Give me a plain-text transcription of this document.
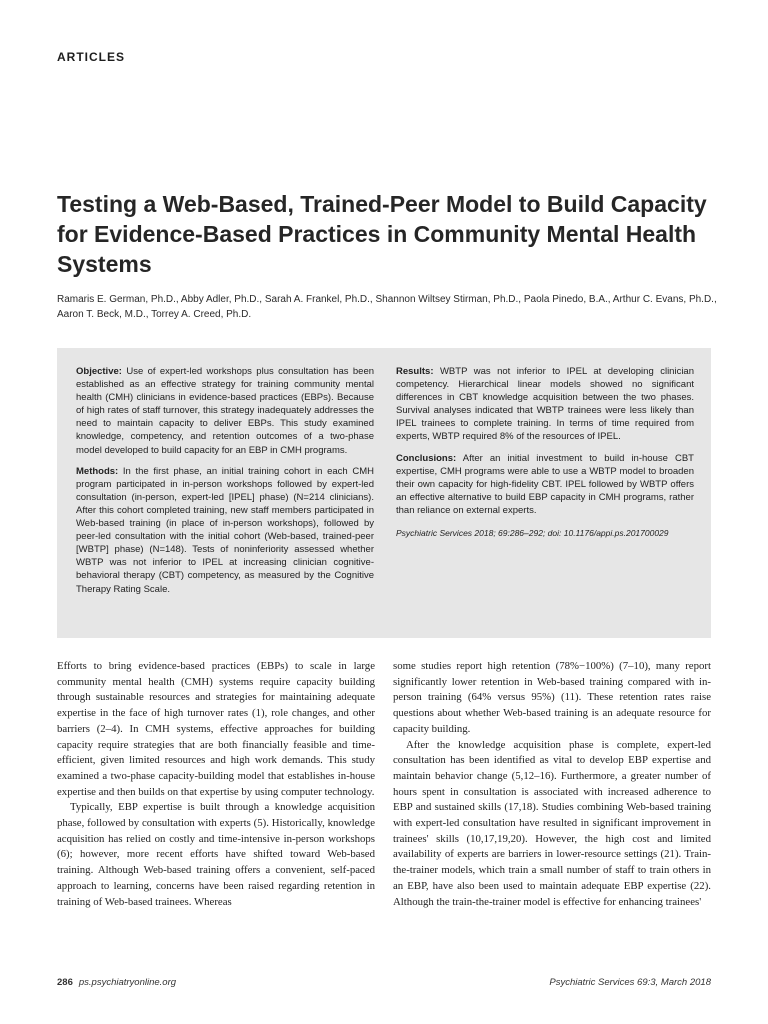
ARTICLES
Testing a Web-Based, Trained-Peer Model to Build Capacity for Evidence-Based Practices in Community Mental Health Systems

Ramaris E. German, Ph.D., Abby Adler, Ph.D., Sarah A. Frankel, Ph.D., Shannon Wiltsey Stirman, Ph.D., Paola Pinedo, B.A., Arthur C. Evans, Ph.D., Aaron T. Beck, M.D., Torrey A. Creed, Ph.D.

Objective: Use of expert-led workshops plus consultation has been established as an effective strategy for training community mental health (CMH) clinicians in evidence-based practices (EBPs). Because of high rates of staff turnover, this strategy inadequately addresses the need to maintain capacity to deliver EBPs. This study examined knowledge, competency, and retention outcomes of a two-phase model developed to build capacity for an EBP in CMH programs.

Methods: In the first phase, an initial training cohort in each CMH program participated in in-person workshops followed by expert-led consultation (in-person, expert-led [IPEL] phase) (N=214 clinicians). After this cohort completed training, new staff members participated in Web-based training (in place of in-person workshops), followed by peer-led consultation with the initial cohort (Web-based, trained-peer [WBTP] phase) (N=148). Tests of noninferiority assessed whether WBTP was not inferior to IPEL at increasing clinician cognitive-behavioral therapy (CBT) competency, as measured by the Cognitive Therapy Rating Scale.

Results: WBTP was not inferior to IPEL at developing clinician competency. Hierarchical linear models showed no significant differences in CBT knowledge acquisition between the two phases. Survival analyses indicated that WBTP trainees were less likely than IPEL trainees to complete training. In terms of time required from experts, WBTP required 8% of the resources of IPEL.

Conclusions: After an initial investment to build in-house CBT expertise, CMH programs were able to use a WBTP model to broaden their own capacity for high-fidelity CBT. IPEL followed by WBTP offers an effective alternative to build EBP capacity in CMH programs, rather than reliance on external experts.

Psychiatric Services 2018; 69:286–292; doi: 10.1176/appi.ps.201700029

Efforts to bring evidence-based practices (EBPs) to scale in large community mental health (CMH) systems require capacity building through sustainable resources and strategies for maintaining adequate expertise in the face of high turnover rates (1), role changes, and other barriers (2–4). In CMH systems, effective approaches for building capacity require strategies that are both financially feasible and time-efficient, given limited resources and high work demands. This study examined a two-phase capacity-building model that establishes in-house expertise and then builds on that expertise by using computer technology.

Typically, EBP expertise is built through a knowledge acquisition phase, followed by consultation with experts (5). Historically, knowledge acquisition has relied on costly and time-intensive in-person workshops (6); however, more recent efforts have shifted toward Web-based training. Although Web-based training offers a convenient, self-paced approach to learning, concerns have been raised regarding retention in training of Web-based trainees. Whereas

some studies report high retention (78%−100%) (7–10), many report significantly lower retention in Web-based training compared with in-person training (64% versus 95%) (11). These retention rates raise questions about whether Web-based training is an adequate resource for capacity building.

After the knowledge acquisition phase is complete, expert-led consultation has been identified as vital to develop EBP expertise and maintain behavior change (5,12–16). Furthermore, a greater number of hours spent in consultation is associated with increased adherence to EBP and sustained skills (17,18). Studies combining Web-based training with expert-led consultation have resulted in significant improvement in trainees' skills (10,17,19,20). However, the high cost and limited availability of experts are barriers in lower-resource settings (21). Train-the-trainer models, which train a small number of staff to train others in an EBP, have also been used to maintain adequate EBP expertise (22). Although the train-the-trainer model is effective for enhancing trainees'

286 ps.psychiatryonline.org	Psychiatric Services 69:3, March 2018
